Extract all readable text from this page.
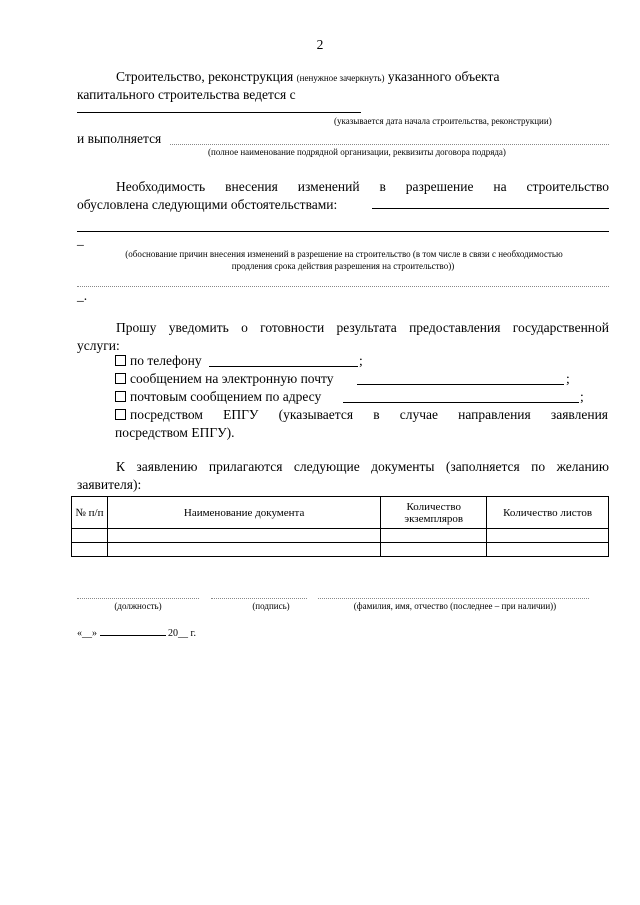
2
Строительство, реконструкция (ненужное зачеркнуть) указанного объекта
капитального строительства ведется с
(указывается дата начала строительства, реконструкции)
и выполняется
(полное наименование подрядной организации, реквизиты договора подряда)
Необходимость внесения изменений в разрешение на строительство
обусловлена следующими обстоятельствами:
_
(обоснование причин внесения изменений в разрешение на строительство (в том числе в связи с необходимостью
продления срока действия разрешения на строительство))
_.
Прошу уведомить о готовности результата предоставления государственной
услуги:
по телефону	;
сообщением на электронную почту	;
почтовым сообщением по адресу	;
посредством ЕПГУ (указывается в случае направления заявления
посредством ЕПГУ).
К заявлению прилагаются следующие документы (заполняется по желанию
заявителя):
№ п/п	Наименование документа	Количество экземпляров	Количество листов

(должность)	(подпись)	(фамилия, имя, отчество (последнее – при наличии))
«__»	20__ г.
